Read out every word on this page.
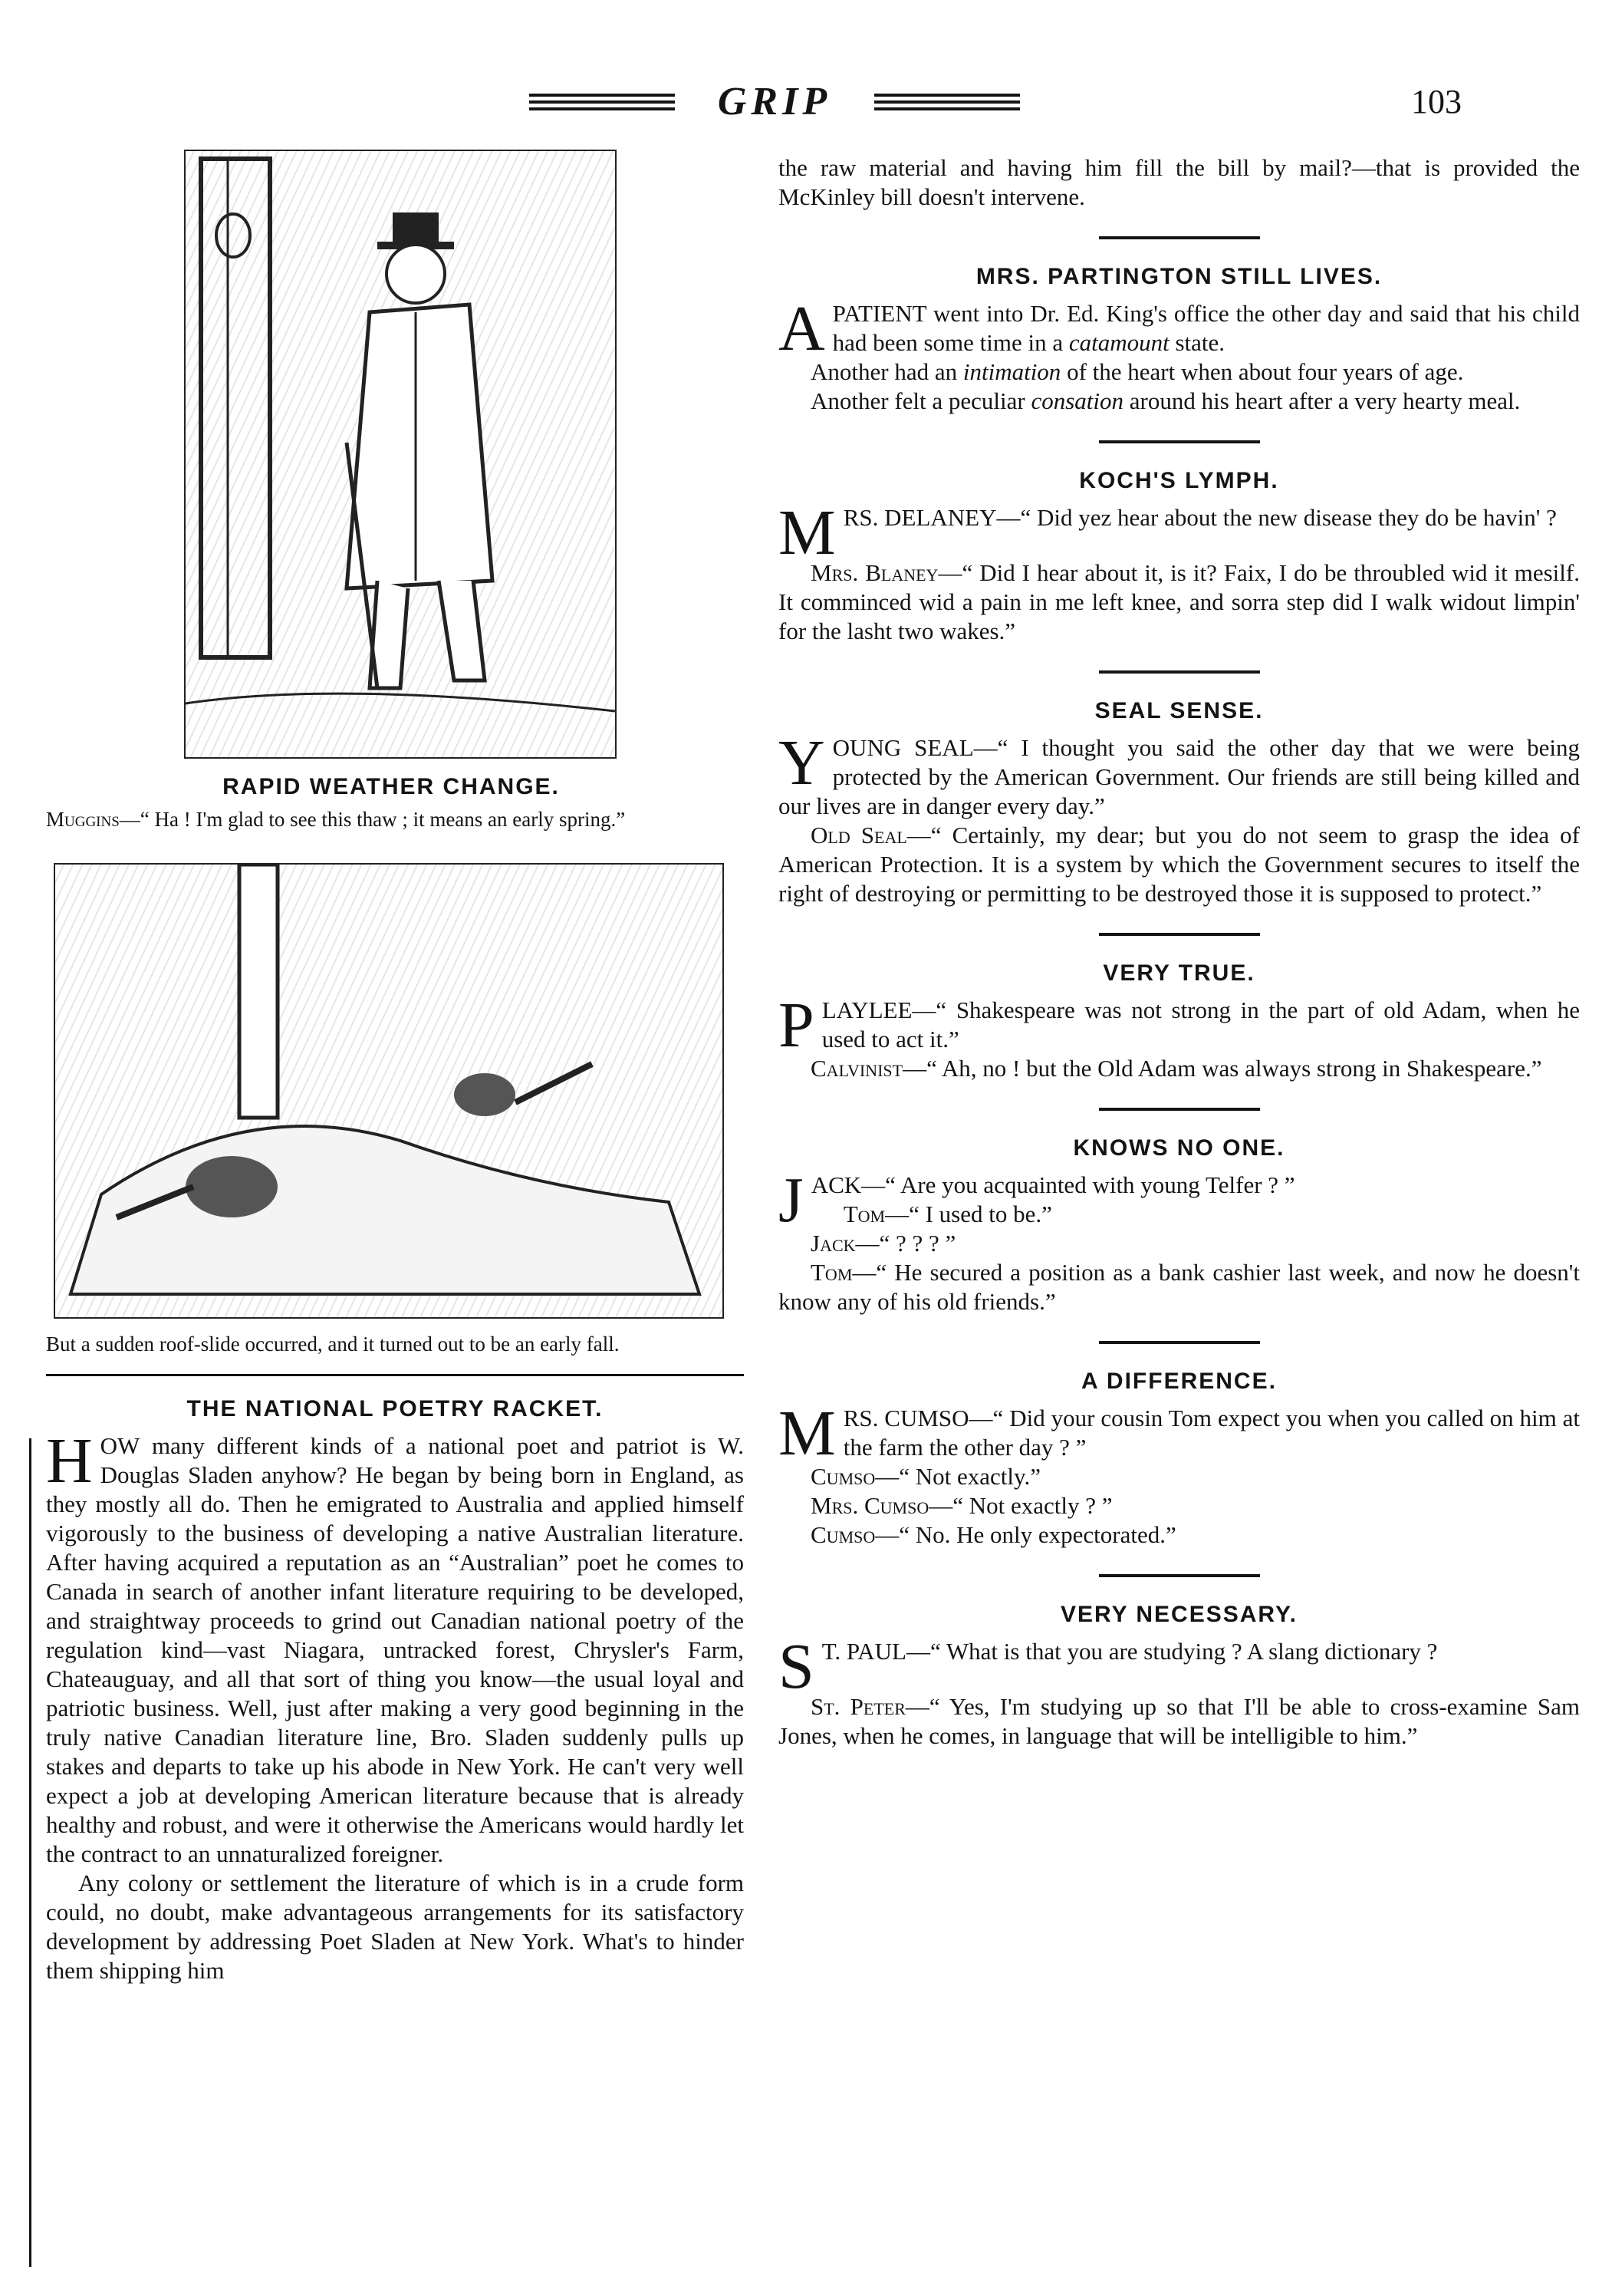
GRIP	103
RAPID WEATHER CHANGE.
Muggins—“ Ha ! I'm glad to see this thaw ; it means an early spring.”
But a sudden roof-slide occurred, and it turned out to be an early fall.
THE NATIONAL POETRY RACKET.

HOW many different kinds of a national poet and patriot is W. Douglas Sladen anyhow? He began by being born in England, as they mostly all do. Then he emigrated to Australia and applied himself vigorously to the business of developing a native Australian literature. After having acquired a reputation as an “Australian” poet he comes to Canada in search of another infant literature requiring to be developed, and straightway proceeds to grind out Canadian national poetry of the regulation kind—vast Niagara, untracked forest, Chrysler's Farm, Chateauguay, and all that sort of thing you know—the usual loyal and patriotic business. Well, just after making a very good beginning in the truly native Canadian literature line, Bro. Sladen suddenly pulls up stakes and departs to take up his abode in New York. He can't very well expect a job at developing American literature because that is already healthy and robust, and were it otherwise the Americans would hardly let the contract to an unnaturalized foreigner.

Any colony or settlement the literature of which is in a crude form could, no doubt, make advantageous arrangements for its satisfactory development by addressing Poet Sladen at New York. What's to hinder them shipping him

the raw material and having him fill the bill by mail?—that is provided the McKinley bill doesn't intervene.

MRS. PARTINGTON STILL LIVES.

APATIENT went into Dr. Ed. King's office the other day and said that his child had been some time in a catamount state.

Another had an intimation of the heart when about four years of age.

Another felt a peculiar consation around his heart after a very hearty meal.

KOCH'S LYMPH.

MRS. DELANEY—“ Did yez hear about the new disease they do be havin' ?

Mrs. Blaney—“ Did I hear about it, is it? Faix, I do be throubled wid it mesilf. It comminced wid a pain in me left knee, and sorra step did I walk widout limpin' for the lasht two wakes.”

SEAL SENSE.

YOUNG SEAL—“ I thought you said the other day that we were being protected by the American Government. Our friends are still being killed and our lives are in danger every day.”

Old Seal—“ Certainly, my dear; but you do not seem to grasp the idea of American Protection. It is a system by which the Government secures to itself the right of destroying or permitting to be destroyed those it is supposed to protect.”

VERY TRUE.

PLAYLEE—“ Shakespeare was not strong in the part of old Adam, when he used to act it.”

Calvinist—“ Ah, no ! but the Old Adam was always strong in Shakespeare.”

KNOWS NO ONE.

JACK—“ Are you acquainted with young Telfer ? ”

Tom—“ I used to be.”

Jack—“ ? ? ? ”

Tom—“ He secured a position as a bank cashier last week, and now he doesn't know any of his old friends.”

A DIFFERENCE.

MRS. CUMSO—“ Did your cousin Tom expect you when you called on him at the farm the other day ? ”

Cumso—“ Not exactly.”

Mrs. Cumso—“ Not exactly ? ”

Cumso—“ No. He only expectorated.”

VERY NECESSARY.

S T. PAUL—“ What is that you are studying ? A slang dictionary ?

St. Peter—“ Yes, I'm studying up so that I'll be able to cross-examine Sam Jones, when he comes, in language that will be intelligible to him.”
